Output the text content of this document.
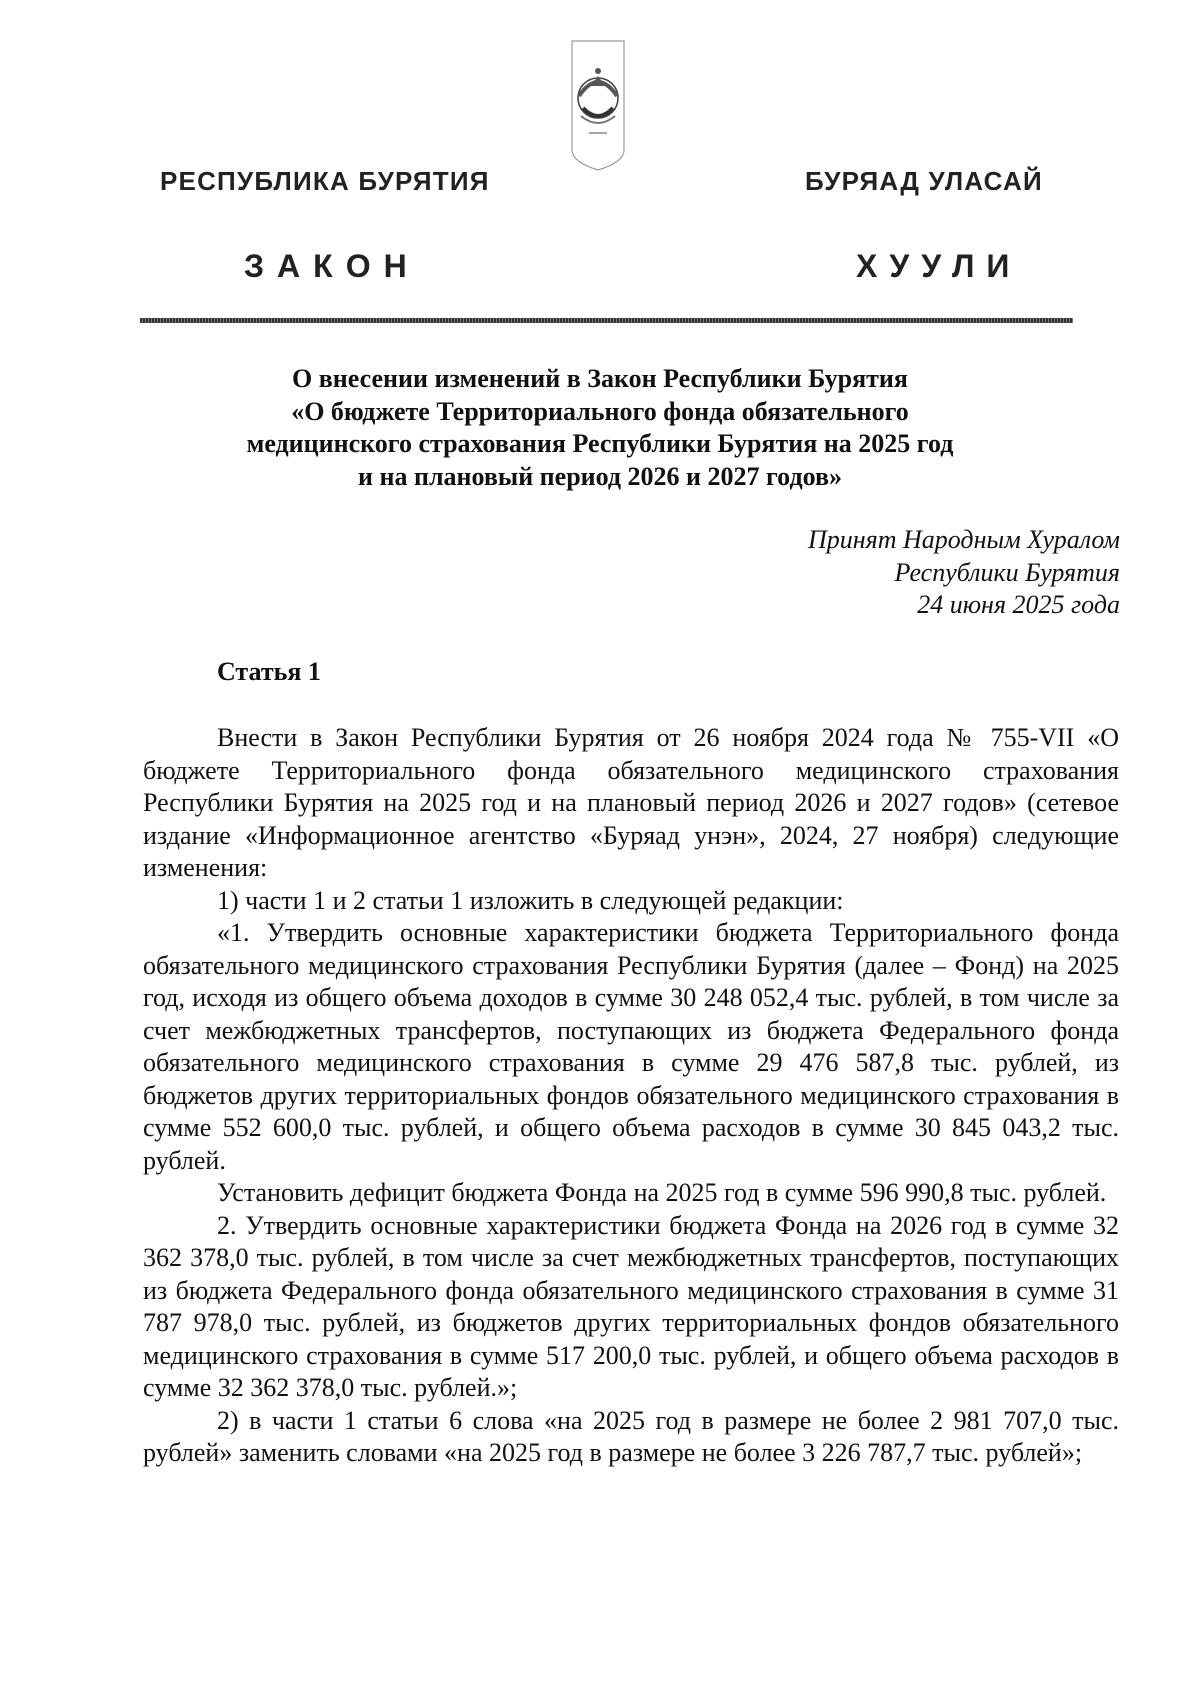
РЕСПУБЛИКА БУРЯТИЯ	БУРЯАД УЛАСАЙ
ЗАКОН	ХУУЛИ
О внесении изменений в Закон Республики Бурятия
«О бюджете Территориального фонда обязательного
медицинского страхования Республики Бурятия на 2025 год
и на плановый период 2026 и 2027 годов»
Принят Народным Хуралом
Республики Бурятия
24 июня 2025 года
Статья 1

Внести в Закон Республики Бурятия от 26 ноября 2024 года № 755-VII «О бюджете Территориального фонда обязательного медицинского страхования Республики Бурятия на 2025 год и на плановый период 2026 и 2027 годов» (сетевое издание «Информационное агентство «Буряад унэн», 2024, 27 ноября) следующие изменения:

1) части 1 и 2 статьи 1 изложить в следующей редакции:

«1. Утвердить основные характеристики бюджета Территориального фонда обязательного медицинского страхования Республики Бурятия (далее – Фонд) на 2025 год, исходя из общего объема доходов в сумме 30 248 052,4 тыс. рублей, в том числе за счет межбюджетных трансфертов, поступающих из бюджета Федерального фонда обязательного медицинского страхования в сумме 29 476 587,8 тыс. рублей, из бюджетов других территориальных фондов обязательного медицинского страхования в сумме 552 600,0 тыс. рублей, и общего объема расходов в сумме 30 845 043,2 тыс. рублей.

Установить дефицит бюджета Фонда на 2025 год в сумме 596 990,8 тыс. рублей.

2. Утвердить основные характеристики бюджета Фонда на 2026 год в сумме 32 362 378,0 тыс. рублей, в том числе за счет межбюджетных трансфертов, поступающих из бюджета Федерального фонда обязательного медицинского страхования в сумме 31 787 978,0 тыс. рублей, из бюджетов других территориальных фондов обязательного медицинского страхования в сумме 517 200,0 тыс. рублей, и общего объема расходов в сумме 32 362 378,0 тыс. рублей.»;

2) в части 1 статьи 6 слова «на 2025 год в размере не более 2 981 707,0 тыс. рублей» заменить словами «на 2025 год в размере не более 3 226 787,7 тыс. рублей»;
